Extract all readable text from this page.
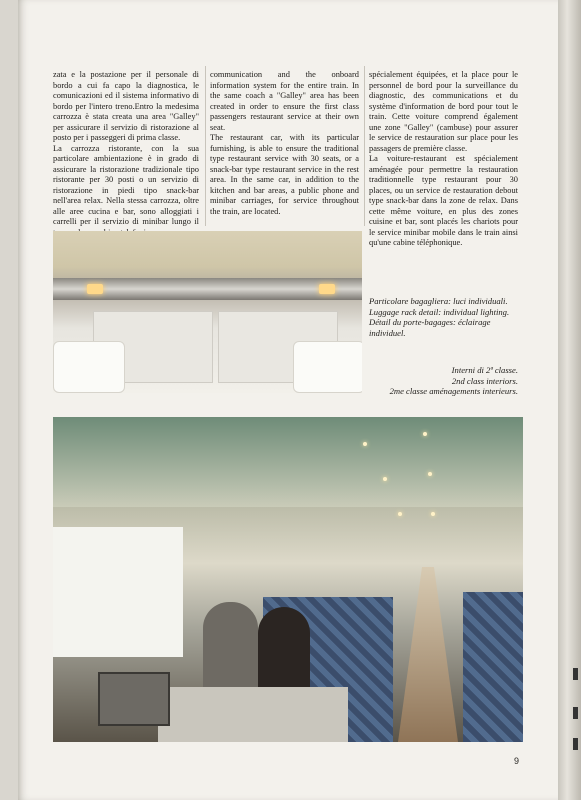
zata e la postazione per il personale di bordo a cui fa capo la diagnostica, le comunicazioni ed il sistema informativo di bordo per l'intero treno.Entro la medesima carrozza è stata creata una area "Galley" per assicurare il servizio di ristorazione al posto per i passeggeri di prima classe.

La carrozza ristorante, con la sua particolare ambientazione è in grado di assicurare la ristorazione tradizionale tipo ristorante per 30 posti o un servizio di ristorazione in piedi tipo snack-bar nell'area relax. Nella stessa carrozza, oltre alle aree cucina e bar, sono alloggiati i carrelli per il servizio di minibar lungo il

communication and the onboard information system for the entire train. In the same coach a "Galley" area has been created in order to ensure the first class passengers restaurant service at their own seat.

The restaurant car, with its particular furnishing, is able to ensure the traditional type restaurant service with 30 seats, or a snack-bar type restaurant service in the rest area. In the same car, in addition to the kitchen and bar areas, a public phone and minibar carriages, for service throughout the train, are located.

spécialement équipées, et la place pour le personnel de bord pour la surveillance du diagnostic, des communications et du système d'information de bord pour tout le train. Cette voiture comprend également une zone "Galley" (cambuse) pour assurer le service de restauration sur place pour les passagers de première classe.

La voiture-restaurant est spécialement aménagée pour permettre la restauration traditionnelle type restaurant pour 30 places, ou un service de restauration debout type snack-bar dans la zone de relax. Dans cette même voiture, en plus des zones cuisine et bar, sont placés les chariots pour le service minibar mobile dans le train ainsi qu'une cabine téléphonique.

Particolare bagagliera: luci individuali.
Luggage rack detail: individual lighting.
Détail du porte-bagages: éclairage individuel.
Interni di 2ª classe.
2nd class interiors.
2me classe aménagements interieurs.
9
